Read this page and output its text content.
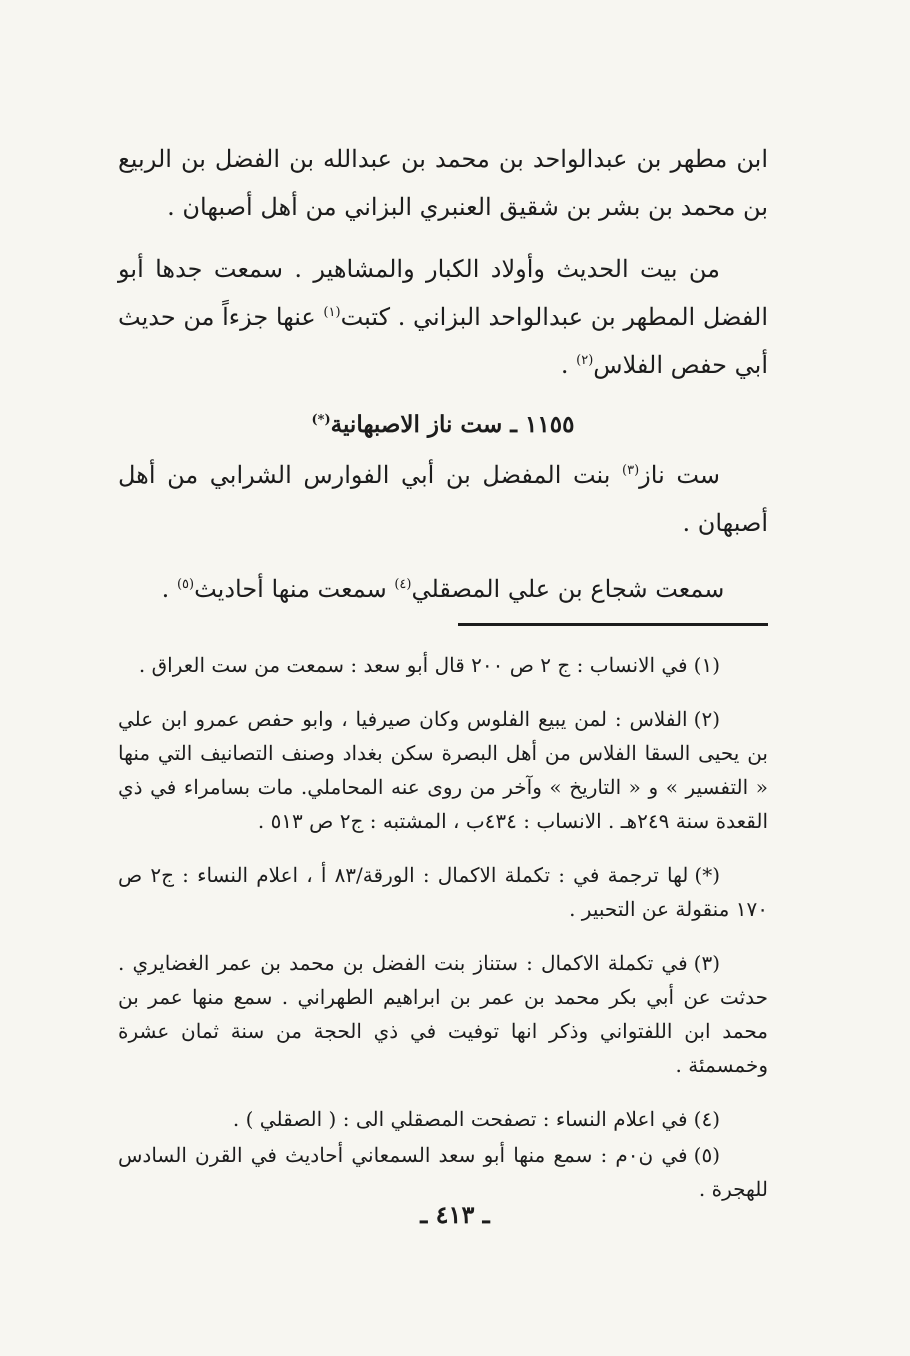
ابن مطهر بن عبدالواحد بن محمد بن عبدالله بن الفضل بن الربيع بن محمد بن بشر بن شقيق العنبري البزاني من أهل أصبهان .

من بيت الحديث وأولاد الكبار والمشاهير . سمعت جدها أبو الفضل المطهر بن عبدالواحد البزاني . كتبت$^{(١)}$ عنها جزءاً من حديث أبي حفص الفلاس$^{(٢)}$ .

١١٥٥ ـ ست ناز الاصبهانية(*)

ست ناز$^{(٣)}$ بنت المفضل بن أبي الفوارس الشرابي من أهل أصبهان .

سمعت شجاع بن علي المصقلي$^{(٤)}$ سمعت منها أحاديث$^{(٥)}$ .

(١)في الانساب : ج ٢ ص ٢٠٠ قال أبو سعد : سمعت من ست العراق .

(٢)الفلاس : لمن يبيع الفلوس وكان صيرفيا ، وابو حفص عمرو ابن علي بن يحيى السقا الفلاس من أهل البصرة سكن بغداد وصنف التصانيف التي منها « التفسير » و « التاريخ » وآخر من روى عنه المحاملي. مات بسامراء في ذي القعدة سنة ٢٤٩هـ . الانساب : ٤٣٤ب ، المشتبه : ج٢ ص ٥١٣ .

(*)لها ترجمة في : تكملة الاكمال : الورقة/٨٣ أ ، اعلام النساء : ج٢ ص ١٧٠ منقولة عن التحبير .

(٣)في تكملة الاكمال : ستناز بنت الفضل بن محمد بن عمر الغضايري . حدثت عن أبي بكر محمد بن عمر بن ابراهيم الطهراني . سمع منها عمر بن محمد ابن اللفتواني وذكر انها توفيت في ذي الحجة من سنة ثمان عشرة وخمسمئة .

(٤)في اعلام النساء : تصفحت المصقلي الى : ( الصقلي ) .

(٥)في ن٠م : سمع منها أبو سعد السمعاني أحاديث في القرن السادس للهجرة .

ـ ٤١٣ ـ
